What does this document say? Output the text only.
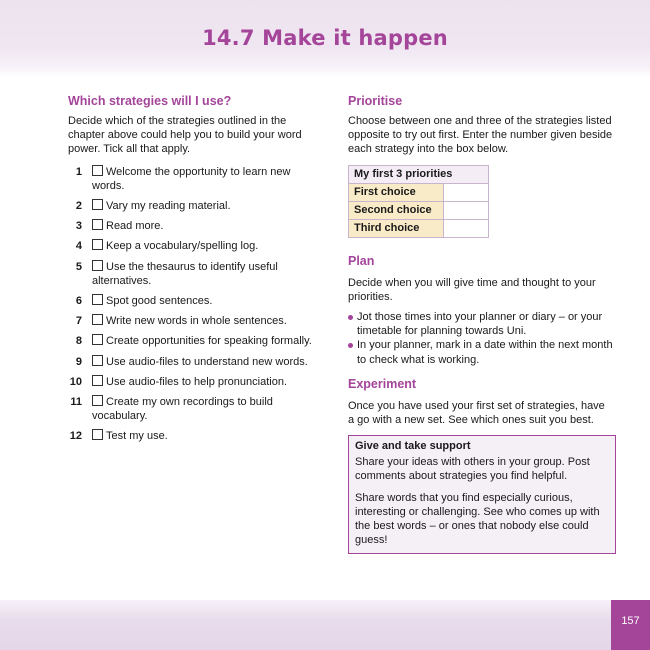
14.7 Make it happen
Which strategies will I use?

Decide which of the strategies outlined in the chapter above could help you to build your word power. Tick all that apply.

1 Welcome the opportunity to learn new words.
2 Vary my reading material.
3 Read more.
4 Keep a vocabulary/spelling log.
5 Use the thesaurus to identify useful alternatives.
6 Spot good sentences.
7 Write new words in whole sentences.
8 Create opportunities for speaking formally.
9 Use audio-files to understand new words.
10 Use audio-files to help pronunciation.
11 Create my own recordings to build vocabulary.
12 Test my use.
Prioritise

Choose between one and three of the strategies listed opposite to try out first. Enter the number given beside each strategy into the box below.

My first 3 priorities	
First choice	
Second choice	
Third choice	
Plan

Decide when you will give time and thought to your priorities.

Jot those times into your planner or diary – or your timetable for planning towards Uni.
In your planner, mark in a date within the next month to check what is working.
Experiment

Once you have used your first set of strategies, have a go with a new set. See which ones suit you best.

Give and take support

Share your ideas with others in your group. Post comments about strategies you find helpful.

Share words that you find especially curious, interesting or challenging. See who comes up with the best words – or ones that nobody else could guess!

157
